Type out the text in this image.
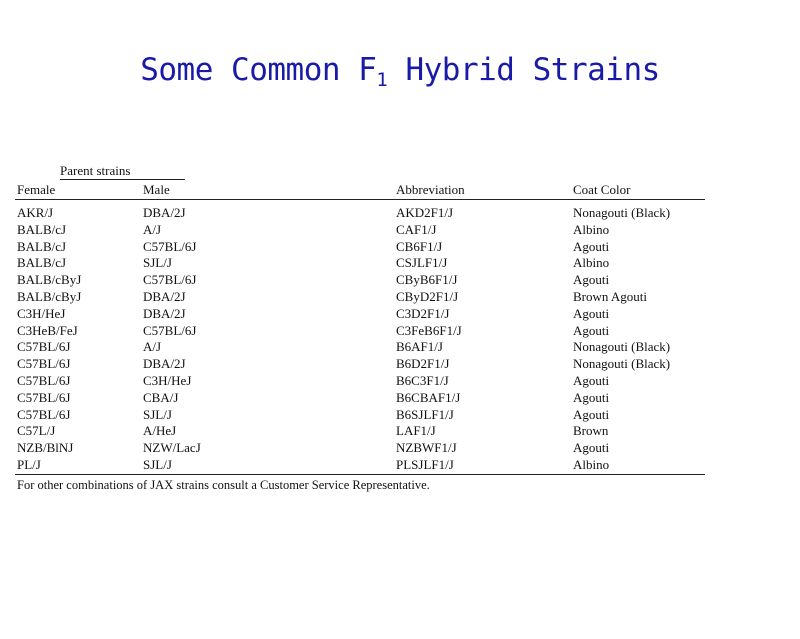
Some Common $F_1$ Hybrid Strains
Parent strains
Female	Male	Abbreviation	Coat Color
AKR/J	DBA/2J	AKD2F1/J	Nonagouti (Black)
BALB/cJ	A/J	CAF1/J	Albino
BALB/cJ	C57BL/6J	CB6F1/J	Agouti
BALB/cJ	SJL/J	CSJLF1/J	Albino
BALB/cByJ	C57BL/6J	CByB6F1/J	Agouti
BALB/cByJ	DBA/2J	CByD2F1/J	Brown Agouti
C3H/HeJ	DBA/2J	C3D2F1/J	Agouti
C3HeB/FeJ	C57BL/6J	C3FeB6F1/J	Agouti
C57BL/6J	A/J	B6AF1/J	Nonagouti (Black)
C57BL/6J	DBA/2J	B6D2F1/J	Nonagouti (Black)
C57BL/6J	C3H/HeJ	B6C3F1/J	Agouti
C57BL/6J	CBA/J	B6CBAF1/J	Agouti
C57BL/6J	SJL/J	B6SJLF1/J	Agouti
C57L/J	A/HeJ	LAF1/J	Brown
NZB/BlNJ	NZW/LacJ	NZBWF1/J	Agouti
PL/J	SJL/J	PLSJLF1/J	Albino
For other combinations of JAX strains consult a Customer Service Representative.
